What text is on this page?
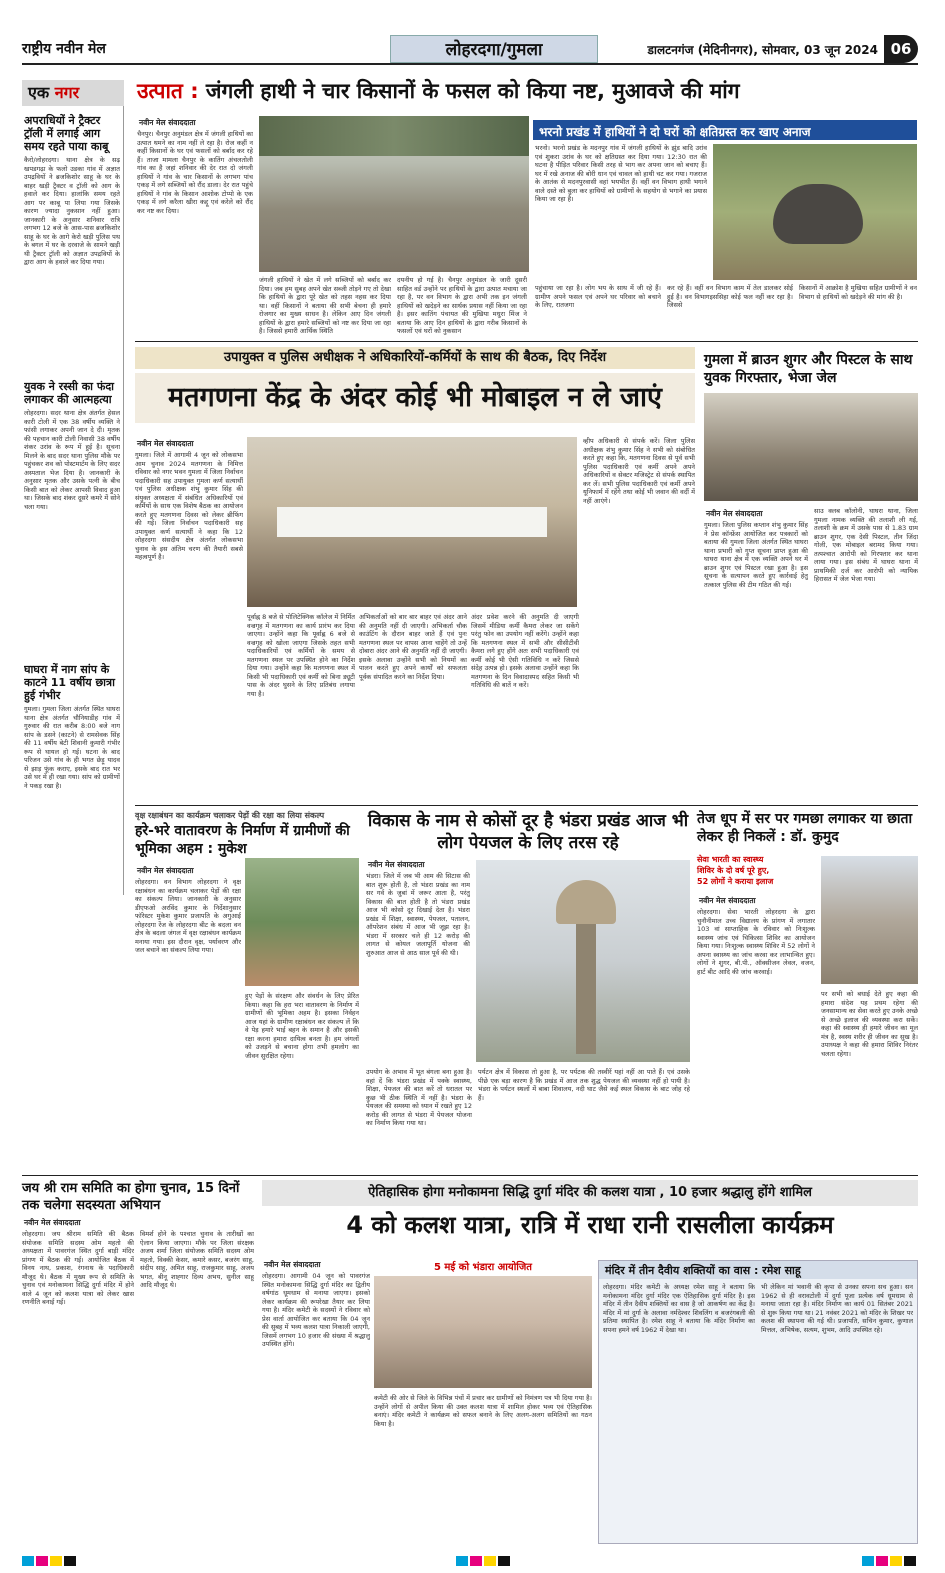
राष्ट्रीय नवीन मेल	लोहरदगा/गुमला	डालटनगंज (मेदिनीनगर), सोमवार, 03 जून 2024 06
एक नगर
अपराधियों ने ट्रैक्टर ट्रॉली में लगाई आग समय रहते पाया काबू
कैरो/लोहरदगा। थाना क्षेत्र के सढ़ खपडगढ़ा के फलो उडका गांव में अज्ञात उपद्रवियों ने ब्रजकिशोर साहू के घर के बाहर खड़ी ट्रैक्टर व ट्रॉली को आग के हवाले कर दिया। हालांकि समय रहते आग पर काबू पा लिया गया जिसके कारण ज्यादा नुकसान नहीं हुआ। जानकारी के अनुसार शनिवार रात्रि लगभग 12 बजे के आस-पास ब्रजकिशोर साहू के घर के आगे केरो खड़ी पुलिस पथ के बगल में घर के दरवाजे के सामने खड़ी थी ट्रैक्टर ट्रॉली को अज्ञात उपद्रवियों के द्वारा आग के हवाले कर दिया गया।
युवक ने रस्सी का फंदा लगाकर की आत्महत्या
लोहरदगा। सदर थाना क्षेत्र अंतर्गत हेसल कारी टोली में एक 38 वर्षीय व्यक्ति ने फांसी लगाकर अपनी जान दे दी। मृतक की पहचान कारी टोली निवासी 38 वर्षीय शंकर उरांव के रूप में हुई है। सूचना मिलने के बाद सदर थाना पुलिस मौके पर पहुंचकर शव को पोस्टमार्टम के लिए सदर अस्पताल भेज दिया है। जानकारी के अनुसार मृतक और उसके पत्नी के बीच किसी बात को लेकर आपसी विवाद हुआ था। जिसके बाद शंकर दूसरे कमरे में सोने चला गया।
घाघरा में नाग सांप के काटने 11 वर्षीय छात्रा हुई गंभीर
गुमला। गुमला जिला अंतर्गत स्थित घाघरा थाना क्षेत्र अंतर्गत चौनियाडीह गांव में गुरुवार की रात करीब 8:00 बजे नाग सांप के डसने (काटने) से रामसेवक सिंह की 11 वर्षीय बेटी शिवानी कुमारी गंभीर रूप से घायल हो गई। घटना के बाद परिजन उसे गांव के ही भगत छेड़ू यादव से झाड़ फूंक कराए, इसके बाद रात भर उसे घर में ही रखा गया। सांप को ग्रामीणों ने पकड़ रखा है।
उत्पात : जंगली हाथी ने चार किसानों के फसल को किया नष्ट, मुआवजे की मांग
नवीन मेल संवाददाता
चैनपुर। चैनपुर अनुमंडल क्षेत्र में जंगली हाथियों का उत्पात थमने का नाम नहीं ले रहा है। रोज कहीं न कहीं किसानों के घर एवं फसलों को बर्बाद कर रहे हैं। ताजा मामला चैनपुर के कातिंग अंचलतोली गांव का है जहां शनिवार की देर रात दो जंगली हाथियों ने गांव के चार किसानों के लगभग पांच एकड़ में लगे सब्जियों को रौंद डाला। देर रात पहुंचे हाथियों ने गांव के किसान आशोक टोप्पो के एक एकड़ में लगे करैला खीरा कद्दू एवं करेले को रौंद कर नष्ट कर दिया।
जंगली हाथियों ने खेत में लगे सब्जियों को बर्बाद कर दिया। जब हम सुबह अपने खेत सब्जी तोड़ने गए तो देखा कि हाथियों के द्वारा पूरे खेत को तहस नहस कर दिया था। वहीं किसानों ने बताया की सभी बेचना ही हमारे रोजगार का मुख्य साधन है। लेकिन आए दिन जंगली हाथियों के द्वारा हमारे सब्जियों को नष्ट कर दिया जा रहा है। जिससे हमारी आर्थिक स्थिति
दयनीय हो गई है। चैनपुर अनुमंडल के जारी दूसरी साहित वर्ड उन्होंने पर हाथियों के द्वारा उत्पात मचाया जा रहा है, पर वन विभाग के द्वारा अभी तक इन जंगली हाथियों को खदेड़ने का सार्थक प्रयास नहीं किया जा रहा है। इसर कातिंग पंचायत की मुखिया मधुरा मिंज ने बताया कि आए दिन हाथियों के द्वारा गरीब किसानों के फसलों एवं घरों को नुकसान
भरनो प्रखंड में हाथियों ने दो घरों को क्षतिग्रस्त कर खाए अनाज
भरनो। भरनो प्रखंड के मदनपुर गांव में जंगली हाथियों के झुंड बादि उरांव एवं शुकरा उरांव के घर को क्षतिग्रस्त कर दिया गया। 12:30 रात की घटना है पीड़ित परिवार किसी तरह से भाग कर अपना जान को बचाए हैं। घर में रखे अनाज की बोरी धान एवं चावल को हाथी चट कर गया। गजराज के आतंक से मदनपुरवासी वहां भयभीत हैं। वहीं वन विभाग हाथी भगाने वाले दस्ते को बुला कर हाथियों को ग्रामीणों के सहयोग से भगाने का प्रयास किया जा रहा है।
पहुंचाया जा रहा है। लोग भय के साथ में जी रहे हैं। ग्रामीण अपने फसल एवं अपने घर परिवार को बचाने के लिए, रातजगा
कर रहे हैं। वहीं वन विभाग काम में तेल डालकर सोई हुई है। वन विभागइससिहा कोई फल नहीं कर रहा है। जिससे
किसानों में आक्रोश है मुखिया सहित ग्रामीणों ने वन विभाग से हाथियों को खदेड़ने की मांग की है।
उपायुक्त व पुलिस अधीक्षक ने अधिकारियों-कर्मियों के साथ की बैठक, दिए निर्देश
मतगणना केंद्र के अंदर कोई भी मोबाइल न ले जाएं
नवीन मेल संवाददाता
गुमला। जिले में आगामी 4 जून को लोकसभा आम चुनाव 2024 मतगणना के निमित्त रविवार को नगर भवन गुमला में जिला निर्वाचन पदाधिकारी सह उपायुक्त गुमला कर्ण सत्यार्थी एवं पुलिस अधीक्षक शंभु कुमार सिंह की संयुक्त अध्यक्षता में संबंधित अधिकारियों एवं कर्मियों के साथ एक विशेष बैठक का आयोजन करते हुए मतगणना दिवस को लेकर ब्रीफिंग की गई। जिला निर्वाचन पदाधिकारी सह उपायुक्त कर्ण सत्यार्थी ने कहा कि 12 लोहरदगा संसदीय क्षेत्र अंतर्गत लोकसभा चुनाव के इस अंतिम चरण की तैयारी सबसे महत्वपूर्ण है।
पूर्वाह्न 8 बजे से पोलिटेक्निक कॉलेज में निर्मित वज्रगृह में मतगणना का कार्य प्रारंभ कर दिया जाएगा। उन्होंने कहा कि पूर्वाह्न 6 बजे से वज्रगृह को खोला जाएगा जिसके तहत सभी पदाधिकारियों एवं कर्मियों के समय से मतगणना स्थल पर उपस्थित होने का निर्देश दिया गया। उन्होंने कहा कि मतगणना स्थल में किसी भी पदाधिकारी एवं कर्मी को बिना ड्यूटी पास के अंदर घुसने के लिए प्रतिबंध लगाया गया है।
अभिकर्ताओं को बार बार बाहर एवं अंदर आने की अनुमति नहीं दी जाएगी। अभिकर्ता चौक काउंटिंग के दौरान बाहर जाते हैं एवं पुनः मतगणना स्थल पर वापस आना चाहेंगे तो उन्हें दोबारा अंदर आने की अनुमति नहीं दी जाएगी। इसके अलावा उन्होंने सभी को नियमों का पालन करते हुए अपने कार्यों को सफलता पूर्वक संपादित करने का निर्देश दिया।
अंदर प्रवेश करने की अनुमति दी जाएगी जिसमें मीडिया कर्मी कैमरा लेकर जा सकेंगे परंतु फोन का उपयोग नहीं करेंगे। उन्होंने कहा कि मतगणना स्थल में सभी और सीसीटीवी कैमरा लगे हुए होंगे अतः सभी पदाधिकारी एवं कर्मी कोई भी ऐसी गतिविधि न करें जिससे संदेह उत्पन्न हो। इसके अलावा उन्होंने कहा कि मतगणना के दिन विवादास्पद सहित किसी भी गतिविधि की बातें न करें।
व्हीप अधिकारी से संपर्क करें। जिला पुलिस अधीक्षक शंभु कुमार सिंह ने सभी को संबोधित करते हुए कहा कि, मतगणना दिवस से पूर्व सभी पुलिस पदाधिकारी एवं कर्मी अपने अपने अधिकारियों व सेक्टर मजिस्ट्रेट से संपर्क स्थापित कर लें। सभी पुलिस पदाधिकारी एवं कर्मी अपने यूनिफार्म में रहेंगे तथा कोई भी जवान की वर्दी में नहीं आएंगे।
गुमला में ब्राउन शुगर और पिस्टल के साथ युवक गिरफ्तार, भेजा जेल
नवीन मेल संवाददाता
गुमला। जिला पुलिस कप्तान शंभु कुमार सिंह ने प्रेस कॉन्फ्रेंस आयोजित कर पत्रकारों को बताया की गुमला जिला अंतर्गत स्थित घाघरा थाना प्रभारी को गुप्त सूचना प्राप्त हुआ की घाघरा थाना क्षेत्र में एक व्यक्ति अपने घर में ब्राउन शुगर एवं पिस्टल रखा हुआ है। इस सूचना के सत्यापन करते हुए कार्रवाई हेतु तत्काल पुलिस की टीम गठित की गई।
साउ क्लब कॉलोनी, घाघरा थाना, जिला गुमला नामक व्यक्ति की तलाशी ली गई, तलाशी के क्रम में उसके पास से 1.83 ग्राम ब्राउन शुगर, एक देसी पिस्टल, तीन जिंदा गोली, एक मोबाइल बरामद किया गया। तत्पश्चात आरोपी को गिरफ्तार कर थाना लाया गया। इस संबंध में घाघरा थाना में प्राथमिकी दर्ज कर आरोपी को न्यायिक हिरासत में जेल भेजा गया।
वृक्ष रक्षाबंधन का कार्यक्रम चलाकर पेड़ों की रक्षा का लिया संकल्प
हरे-भरे वातावरण के निर्माण में ग्रामीणों की भूमिका अहम : मुकेश
नवीन मेल संवाददाता
लोहरदगा। वन विभाग लोहरदगा ने वृक्ष रक्षाबंधन का कार्यक्रम चलाकर पेड़ों की रक्षा का संकल्प लिया। जानकारी के अनुसार डीएफओ अरविंद कुमार के निर्देशानुसार फॉरेस्टर मुकेश कुमार प्रजापति के अगुआई लोहरदगा रेंज के लोहरदगा बीट के बदला वन क्षेत्र के बदला जंगल में वृक्ष रक्षाबंधन कार्यक्रम मनाया गया। इस दौरान वृक्ष, पर्यावरण और जल बचाने का संकल्प लिया गया।
हुए पेड़ों के संरक्षण और संवर्धन के लिए प्रेरित किया। कहा कि हरा भरा वातावरण के निर्माण में ग्रामीणों की भूमिका अहम है। इसका निर्वहन आज यहां के ग्रामीण रक्षाबंधन कर संकल्प लें कि वे पेड़ हमारे भाई बहन के समान है और इसकी रक्षा करना हमारा दायित्व बनता है। हम जंगलों को उजड़ने से बचाना होगा तभी हमलोग का जीवन सुरक्षित रहेगा।
विकास के नाम से कोसों दूर है भंडरा प्रखंड आज भी लोग पेयजल के लिए तरस रहे
नवीन मेल संवाददाता
भंडरा। जिले में जब भी आम की सिटास की बात शुरू होती है, तो भंडरा प्रखंड का नाम सर गर्व के जुबां में जरूर आता है, परंतु विकास की बात होती है तो भंडरा प्रखंड आज भी कोसो दूर दिखाई देता है। भंडरा प्रखंड में शिक्षा, स्वास्थ्य, पेयजल, पतालन, ऑपरेशन संबंध में आज भी जूझ रहा है। भंडरा में सरकार चले ही 12 करोड़ की लागत से कोयल जलापूर्ति योजना की शुरुआत आज से आठ साल पूर्व की थी।
उपयोग के अभाव में भूत बंगला बना हुआ है। वहां दें कि भंडरा प्रखंड में पक्के स्वास्थ्य, शिक्षा, पेयजल की बात करें तो धरातल पर कुछ भी ठीक स्थिति में नहीं है। भंडरा के पेयजल की समस्या को ध्यान में रखते हुए 12 करोड़ की लागत से भंडरा में पेयजल योजना का निर्माण किया गया था।
पर्यटन क्षेत्र में विकास तो हुआ है, पर पर्यटक की तस्वीरें यहां नहीं आ पाते हैं। एवं उसके पीछे एक बड़ा कारण है कि प्रखंड में आज तक शुद्ध पेयजल की व्यवस्था नहीं हो पायी है। भंडरा के पर्यटन स्थलों में बाबा शिवालय, नदी घाट जैसे कई स्थल विकास के बाट जोह रहे हैं।
तेज धूप में सर पर गमछा लगाकर या छाता लेकर ही निकलें : डॉ. कुमुद
सेवा भारती का स्वास्थ्य
शिविर के दो वर्ष पूरे हुए,
52 लोगों ने कराया इलाज
नवीन मेल संवाददाता
लोहरदगा। सेवा भारती लोहरदगा के द्वारा चुनौनीमाल उच्च विद्यालय के प्रांगण में लगातार 103 वां साप्ताहिक के रविवार को निःशुल्क स्वास्थ्य जांच एवं चिकित्सा शिविर का आयोजन किया गया। निःशुल्क स्वास्थ्य शिविर में 52 लोगों ने अपना स्वास्थ्य का जांच करवा कर लाभान्वित हुए। लोगों ने शुगर, बी.पी., ऑक्सीजन लेवल, वजन, हार्ट बीट आदि की जांच करवाई।
पर सभी को बधाई देते हुए कहा की हमारा संदेश यह प्रथम रहेगा की जनसामान्य का सेवा करते हुए उनके अच्छे से अच्छे इलाज की व्यवस्था करा सकें। कहा की स्वास्थ्य ही हमारे जीवन का मूल मंत्र है, स्वस्थ शरीर ही जीवन का सुख है। उपाध्यक्ष ने कहा की हमारा शिविर निरंतर चलता रहेगा।
जय श्री राम समिति का होगा चुनाव, 15 दिनों तक चलेगा सदस्यता अभियान
नवीन मेल संवाददाता
लोहरदगा। जय श्रीराम समिति की बैठक संयोजक समिति सदस्य ओम महतो की अध्यक्षता में पावरगंज स्थित दुर्गा बाड़ी मंदिर प्रांगण में बैठक की गई। आयोजित बैठक में विनय नाथ, प्रकाश, रंगनाथ के पदाधिकारी मौजूद थे। बैठक में मुख्य रूप से समिति के चुनाव एवं मनोकामना सिद्धि दुर्गा मंदिर में होने वाले 4 जून को कलश यात्रा को लेकर खास रणनीति बनाई गई।
विमर्श होने के पश्चात चुनाव के तारीखों का ऐलान किया जाएगा। मौके पर जिला संरक्षक अजय शर्मा जिला संयोजक समिति सदस्य ओम महतो, विक्की केसर, कमारे कसर, बजरंग साहू, संदीप साहू, अमित साहू, राजकुमार साहू, अजय भगत, बीनू शाह्गार दिव्य अभय, सुनील साहू आदि मौजूद थे।
ऐतिहासिक होगा मनोकामना सिद्धि दुर्गा मंदिर की कलश यात्रा , 10 हजार श्रद्धालु होंगे शामिल
4 को कलश यात्रा, रात्रि में राधा रानी रासलीला कार्यक्रम
नवीन मेल संवाददाता
लोहरदगा। आगामी 04 जून को पावरगंज स्थित मनोकामना सिद्धि दुर्गा मंदिर का द्वितीय वर्षगांठ धूमधाम से मनाया जाएगा। इसको लेकर कार्यक्रम की रूपरेखा तैयार कर लिया गया है। मंदिर कमेटी के सदस्यों ने रविवार को प्रेस वार्ता आयोजित कर बताया कि 04 जून की सुबह में भव्य कलश यात्रा निकाली जाएगी, जिसमें लगभग 10 हजार की संख्या में श्रद्धालु उपस्थित होंगे।
5 मई को भंडारा आयोजित
कमेटी की ओर से जिले के विभिन्न पंचों में प्रचार कर ग्रामीणों को निमंत्रण पत्र भी दिया गया है। उन्होंने लोगों से अपील किया की उक्त कलश यात्रा में शामिल होकर भव्य एवं ऐतिहासिक बनाएं। मंदिर कमेटी ने कार्यक्रम को सफल बनाने के लिए अलग-अलग समितियों का गठन किया है।
मंदिर में तीन दैवीय शक्तियों का वास : रमेश साहू
लोहरदगा। मंदिर कमेटी के अध्यक्ष रमेश साहू ने बताया कि मनोकामना मंदिर दुर्गा मंदिर एक ऐतिहासिक दुर्गा मंदिर है। इस मंदिर में तीन दैवीय शक्तियों का वास है जो आकर्षण का केंद्र है। मंदिर में मां दुर्गा के अलावा नर्मदेश्वर शिवलिंग व बजरंगबली की प्रतिमा स्थापित है। रमेश साहू ने बताया कि मंदिर निर्माण का सपना हमने वर्ष 1962 में देखा था।
भी लेकिन मां भवानी की कृपा से उनका सपना सच हुआ। सन 1962 से ही वरावटोली में दुर्गा पूजा प्रत्येक वर्ष धूमधाम से मनाया जाता रहा है। मंदिर निर्माण का कार्य 01 सितंबर 2021 से शुरू किया गया था। 21 नवंबर 2021 को मंदिर के शिखर पर कलश की स्थापना की गई थी। प्रजापति, सचिन कुमार, कुणाल मित्तल, अभिषेक, सत्यम, शुभम, आदि उपस्थित रहे।
